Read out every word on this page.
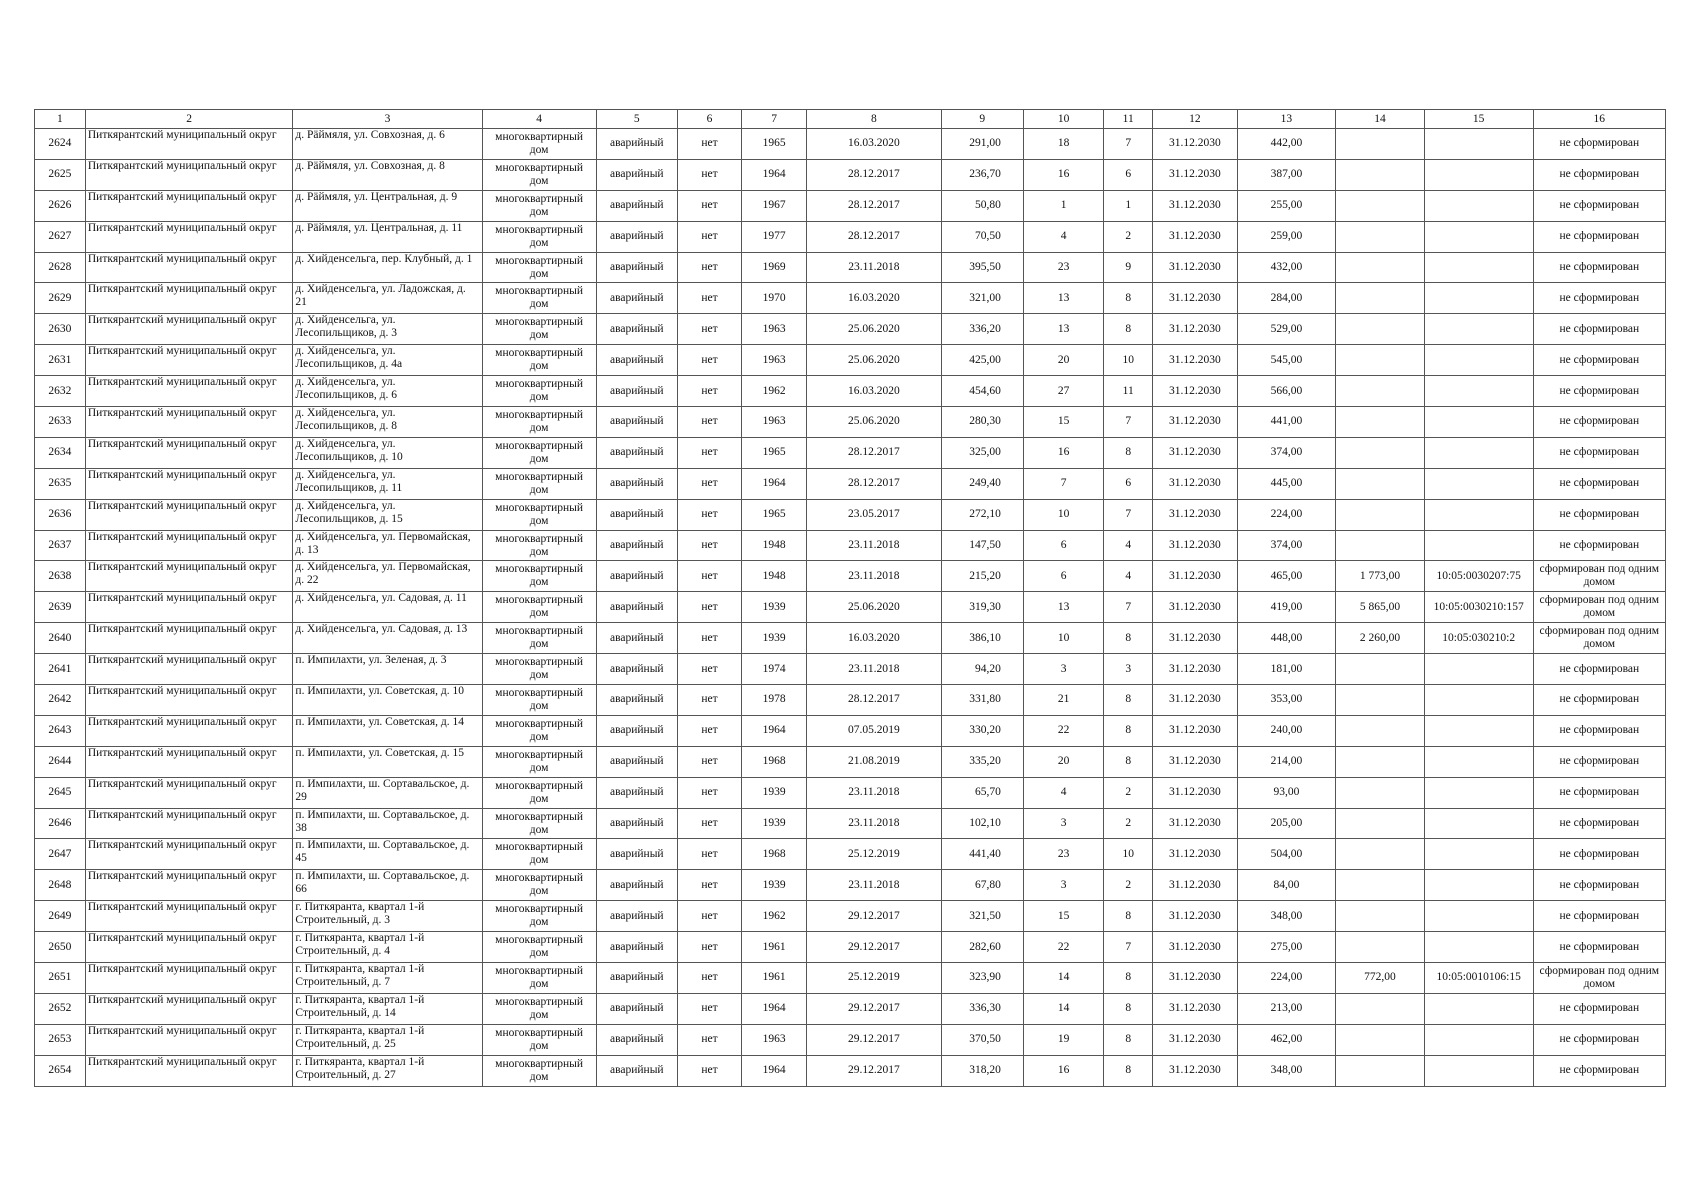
1	2	3	4	5	6	7	8	9	10	11	12	13	14	15	16
2624	Питкярантский муниципальный округ	д. Рӓймяля, ул. Совхозная, д. 6	многоквартирный дом	аварийный	нет	1965	16.03.2020	291,00	18	7	31.12.2030	442,00			не сформирован
2625	Питкярантский муниципальный округ	д. Рӓймяля, ул. Совхозная, д. 8	многоквартирный дом	аварийный	нет	1964	28.12.2017	236,70	16	6	31.12.2030	387,00			не сформирован
2626	Питкярантский муниципальный округ	д. Рӓймяля, ул. Центральная, д. 9	многоквартирный дом	аварийный	нет	1967	28.12.2017	50,80	1	1	31.12.2030	255,00			не сформирован
2627	Питкярантский муниципальный округ	д. Рӓймяля, ул. Центральная, д. 11	многоквартирный дом	аварийный	нет	1977	28.12.2017	70,50	4	2	31.12.2030	259,00			не сформирован
2628	Питкярантский муниципальный округ	д. Хийденсельга, пер. Клубный, д. 1	многоквартирный дом	аварийный	нет	1969	23.11.2018	395,50	23	9	31.12.2030	432,00			не сформирован
2629	Питкярантский муниципальный округ	д. Хийденсельга, ул. Ладожская, д. 21	многоквартирный дом	аварийный	нет	1970	16.03.2020	321,00	13	8	31.12.2030	284,00			не сформирован
2630	Питкярантский муниципальный округ	д. Хийденсельга, ул. Лесопильщиков, д. 3	многоквартирный дом	аварийный	нет	1963	25.06.2020	336,20	13	8	31.12.2030	529,00			не сформирован
2631	Питкярантский муниципальный округ	д. Хийденсельга, ул. Лесопильщиков, д. 4а	многоквартирный дом	аварийный	нет	1963	25.06.2020	425,00	20	10	31.12.2030	545,00			не сформирован
2632	Питкярантский муниципальный округ	д. Хийденсельга, ул. Лесопильщиков, д. 6	многоквартирный дом	аварийный	нет	1962	16.03.2020	454,60	27	11	31.12.2030	566,00			не сформирован
2633	Питкярантский муниципальный округ	д. Хийденсельга, ул. Лесопильщиков, д. 8	многоквартирный дом	аварийный	нет	1963	25.06.2020	280,30	15	7	31.12.2030	441,00			не сформирован
2634	Питкярантский муниципальный округ	д. Хийденсельга, ул. Лесопильщиков, д. 10	многоквартирный дом	аварийный	нет	1965	28.12.2017	325,00	16	8	31.12.2030	374,00			не сформирован
2635	Питкярантский муниципальный округ	д. Хийденсельга, ул. Лесопильщиков, д. 11	многоквартирный дом	аварийный	нет	1964	28.12.2017	249,40	7	6	31.12.2030	445,00			не сформирован
2636	Питкярантский муниципальный округ	д. Хийденсельга, ул. Лесопильщиков, д. 15	многоквартирный дом	аварийный	нет	1965	23.05.2017	272,10	10	7	31.12.2030	224,00			не сформирован
2637	Питкярантский муниципальный округ	д. Хийденсельга, ул. Первомайская, д. 13	многоквартирный дом	аварийный	нет	1948	23.11.2018	147,50	6	4	31.12.2030	374,00			не сформирован
2638	Питкярантский муниципальный округ	д. Хийденсельга, ул. Первомайская, д. 22	многоквартирный дом	аварийный	нет	1948	23.11.2018	215,20	6	4	31.12.2030	465,00	1 773,00	10:05:0030207:75	сформирован под одним домом
2639	Питкярантский муниципальный округ	д. Хийденсельга, ул. Садовая, д. 11	многоквартирный дом	аварийный	нет	1939	25.06.2020	319,30	13	7	31.12.2030	419,00	5 865,00	10:05:0030210:157	сформирован под одним домом
2640	Питкярантский муниципальный округ	д. Хийденсельга, ул. Садовая, д. 13	многоквартирный дом	аварийный	нет	1939	16.03.2020	386,10	10	8	31.12.2030	448,00	2 260,00	10:05:030210:2	сформирован под одним домом
2641	Питкярантский муниципальный округ	п. Импилахти, ул. Зеленая, д. 3	многоквартирный дом	аварийный	нет	1974	23.11.2018	94,20	3	3	31.12.2030	181,00			не сформирован
2642	Питкярантский муниципальный округ	п. Импилахти, ул. Советская, д. 10	многоквартирный дом	аварийный	нет	1978	28.12.2017	331,80	21	8	31.12.2030	353,00			не сформирован
2643	Питкярантский муниципальный округ	п. Импилахти, ул. Советская, д. 14	многоквартирный дом	аварийный	нет	1964	07.05.2019	330,20	22	8	31.12.2030	240,00			не сформирован
2644	Питкярантский муниципальный округ	п. Импилахти, ул. Советская, д. 15	многоквартирный дом	аварийный	нет	1968	21.08.2019	335,20	20	8	31.12.2030	214,00			не сформирован
2645	Питкярантский муниципальный округ	п. Импилахти, ш. Сортавальское, д. 29	многоквартирный дом	аварийный	нет	1939	23.11.2018	65,70	4	2	31.12.2030	93,00			не сформирован
2646	Питкярантский муниципальный округ	п. Импилахти, ш. Сортавальское, д. 38	многоквартирный дом	аварийный	нет	1939	23.11.2018	102,10	3	2	31.12.2030	205,00			не сформирован
2647	Питкярантский муниципальный округ	п. Импилахти, ш. Сортавальское, д. 45	многоквартирный дом	аварийный	нет	1968	25.12.2019	441,40	23	10	31.12.2030	504,00			не сформирован
2648	Питкярантский муниципальный округ	п. Импилахти, ш. Сортавальское, д. 66	многоквартирный дом	аварийный	нет	1939	23.11.2018	67,80	3	2	31.12.2030	84,00			не сформирован
2649	Питкярантский муниципальный округ	г. Питкяранта, квартал 1-й Строительный, д. 3	многоквартирный дом	аварийный	нет	1962	29.12.2017	321,50	15	8	31.12.2030	348,00			не сформирован
2650	Питкярантский муниципальный округ	г. Питкяранта, квартал 1-й Строительный, д. 4	многоквартирный дом	аварийный	нет	1961	29.12.2017	282,60	22	7	31.12.2030	275,00			не сформирован
2651	Питкярантский муниципальный округ	г. Питкяранта, квартал 1-й Строительный, д. 7	многоквартирный дом	аварийный	нет	1961	25.12.2019	323,90	14	8	31.12.2030	224,00	772,00	10:05:0010106:15	сформирован под одним домом
2652	Питкярантский муниципальный округ	г. Питкяранта, квартал 1-й Строительный, д. 14	многоквартирный дом	аварийный	нет	1964	29.12.2017	336,30	14	8	31.12.2030	213,00			не сформирован
2653	Питкярантский муниципальный округ	г. Питкяранта, квартал 1-й Строительный, д. 25	многоквартирный дом	аварийный	нет	1963	29.12.2017	370,50	19	8	31.12.2030	462,00			не сформирован
2654	Питкярантский муниципальный округ	г. Питкяранта, квартал 1-й Строительный, д. 27	многоквартирный дом	аварийный	нет	1964	29.12.2017	318,20	16	8	31.12.2030	348,00			не сформирован
